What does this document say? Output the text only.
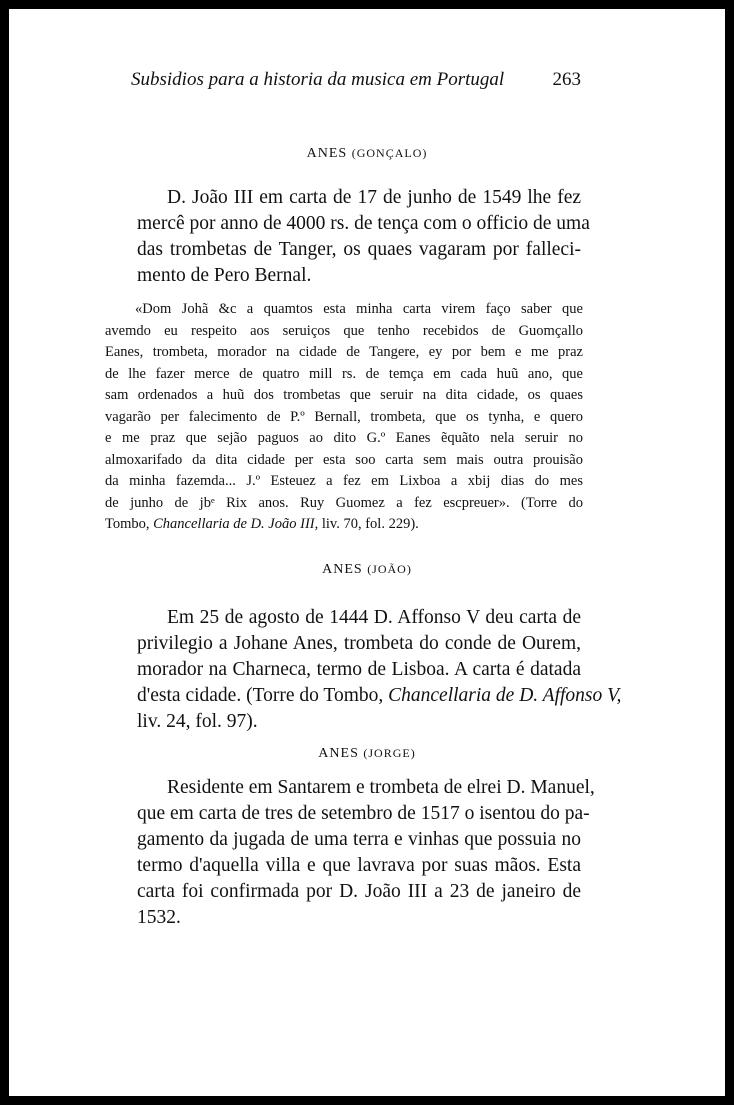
Subsidios para a historia da musica em Portugal	263
ANES (GONÇALO)
D. João III em carta de 17 de junho de 1549 lhe fez
mercê por anno de 4000 rs. de tença com o officio de uma
das trombetas de Tanger, os quaes vagaram por falleci-
mento de Pero Bernal.
«Dom Johã &c a quamtos esta minha carta virem faço saber que
avemdo eu respeito aos seruiços que tenho recebidos de Guomçallo
Eanes, trombeta, morador na cidade de Tangere, ey por bem e me praz
de lhe fazer merce de quatro mill rs. de temça em cada huũ ano, que
sam ordenados a huũ dos trombetas que seruir na dita cidade, os quaes
vagarão per falecimento de P.º Bernall, trombeta, que os tynha, e quero
e me praz que sejão paguos ao dito G.º Eanes ẽquãto nela seruir no
almoxarifado da dita cidade per esta soo carta sem mais outra prouisão
da minha fazemda... J.º Esteuez a fez em Lixboa a xbij dias do mes
de junho de jbᵉ Rix anos. Ruy Guomez a fez escpreuer». (Torre do
Tombo, Chancellaria de D. João III, liv. 70, fol. 229).
ANES (JOÃO)
Em 25 de agosto de 1444 D. Affonso V deu carta de
privilegio a Johane Anes, trombeta do conde de Ourem,
morador na Charneca, termo de Lisboa. A carta é datada
d'esta cidade. (Torre do Tombo, Chancellaria de D. Affonso V,
liv. 24, fol. 97).
ANES (JORGE)
Residente em Santarem e trombeta de elrei D. Manuel,
que em carta de tres de setembro de 1517 o isentou do pa-
gamento da jugada de uma terra e vinhas que possuia no
termo d'aquella villa e que lavrava por suas mãos. Esta
carta foi confirmada por D. João III a 23 de janeiro de
1532.
